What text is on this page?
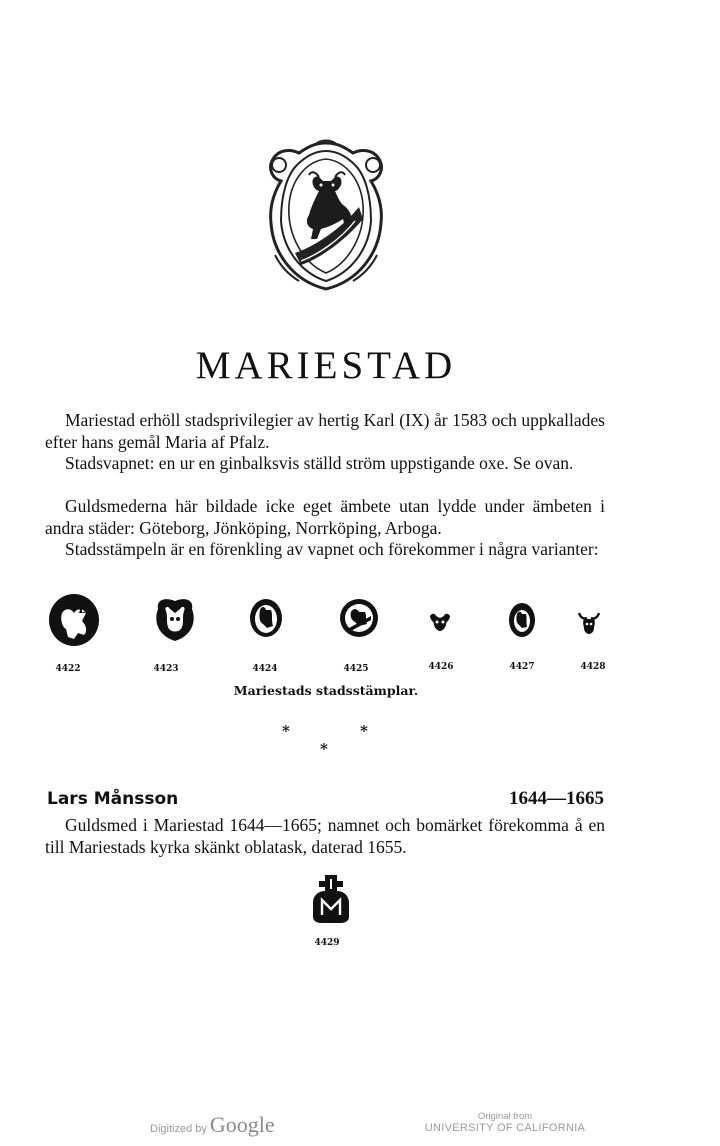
MARIESTAD

Mariestad erhöll stadsprivilegier av hertig Karl (IX) år 1583 och uppkallades efter hans gemål Maria af Pfalz.

Stadsvapnet: en ur en ginbalksvis ställd ström uppstigande oxe. Se ovan.

Guldsmederna här bildade icke eget ämbete utan lydde under ämbeten i andra städer: Göteborg, Jönköping, Norrköping, Arboga.

Stadsstämpeln är en förenkling av vapnet och förekommer i några varianter:

B
4422	4423	4424	4425	4426	4427	4428
Mariestads stadsstämplar.
*	*
*
Lars Månsson	1644—1665

Guldsmed i Mariestad 1644—1665; namnet och bomärket förekomma å en till Mariestads kyrka skänkt oblatask, daterad 1655.

4429
Digitized by Google	Original from
UNIVERSITY OF CALIFORNIA
